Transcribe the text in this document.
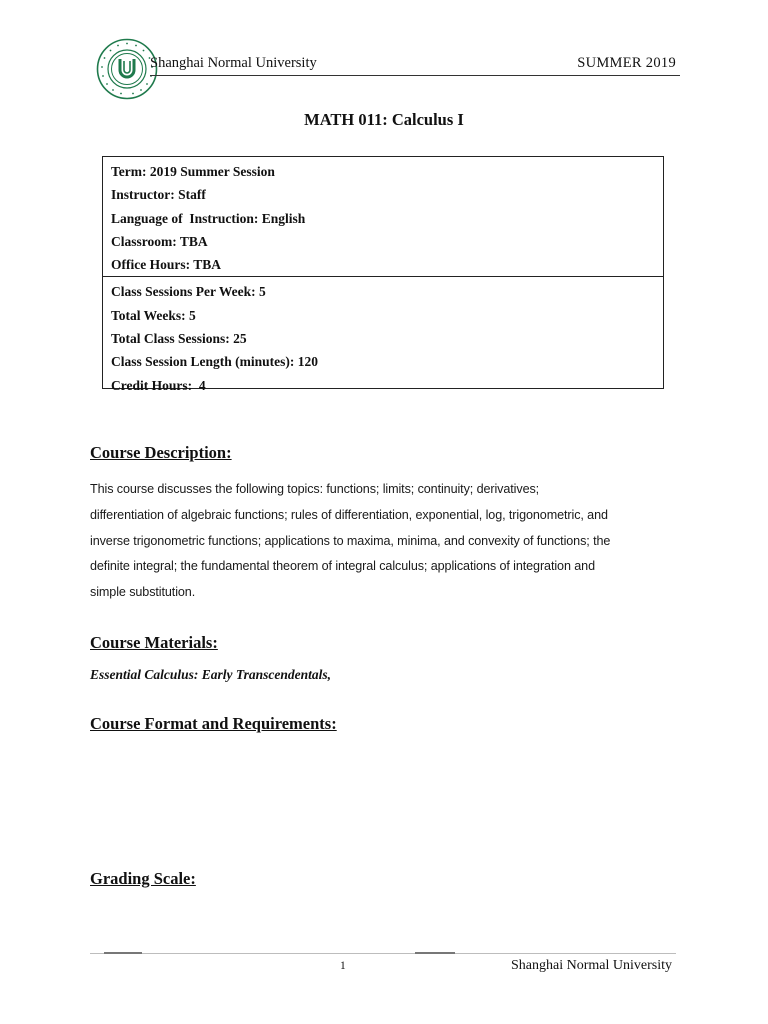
Shanghai Normal University	SUMMER 2019
MATH 011: Calculus I
Term: 2019 Summer Session
Instructor: Staff
Language of  Instruction: English
Classroom: TBA
Office Hours: TBA
Class Sessions Per Week: 5
Total Weeks: 5
Total Class Sessions: 25
Class Session Length (minutes): 120
Credit Hours:  4
Course Description:
This course discusses the following topics: functions; limits; continuity; derivatives;
differentiation of algebraic functions; rules of differentiation, exponential, log, trigonometric, and
inverse trigonometric functions; applications to maxima, minima, and convexity of functions; the
definite integral; the fundamental theorem of integral calculus; applications of integration and
simple substitution.
Course Materials:
Essential Calculus: Early Transcendentals,
Course Format and Requirements:
Grading Scale:
1	Shanghai Normal University
